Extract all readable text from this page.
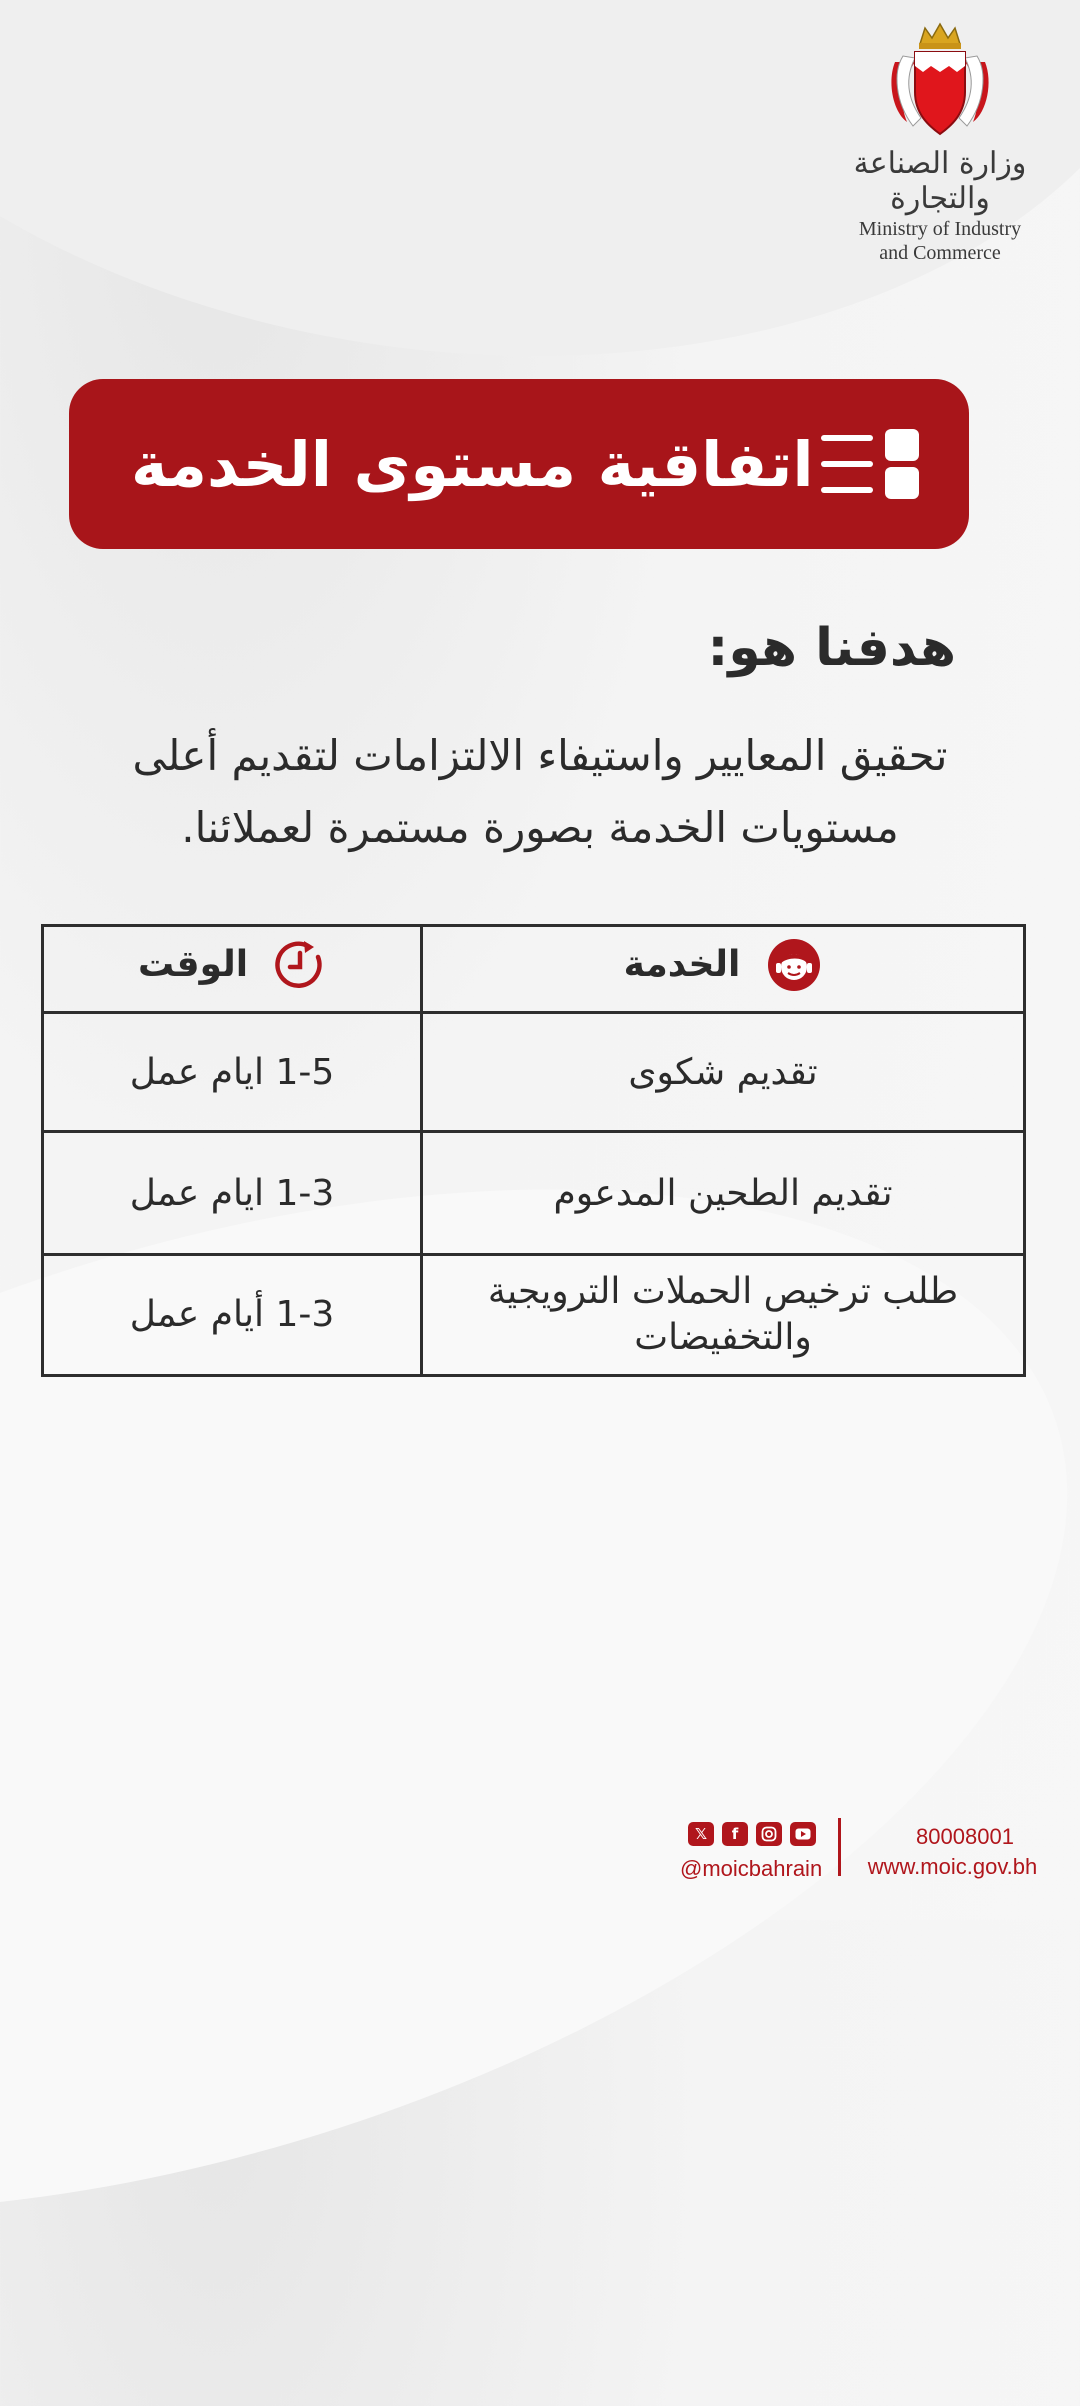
وزارة الصناعة والتجارة
Ministry of Industry
and Commerce
اتفاقية مستوى الخدمة
هدفنا هو:
تحقيق المعايير واستيفاء الالتزامات لتقديم أعلى
مستويات الخدمة بصورة مستمرة لعملائنا.
الخدمة	الوقت

تقديم شكوى	1-5 ايام عمل
تقديم الطحين المدعوم	1-3 ايام عمل

طلب ترخيص الحملات الترويجية
والتخفيضات	1-3 أيام عمل
𝕏	f
@moicbahrain
80008001
www.moic.gov.bh
